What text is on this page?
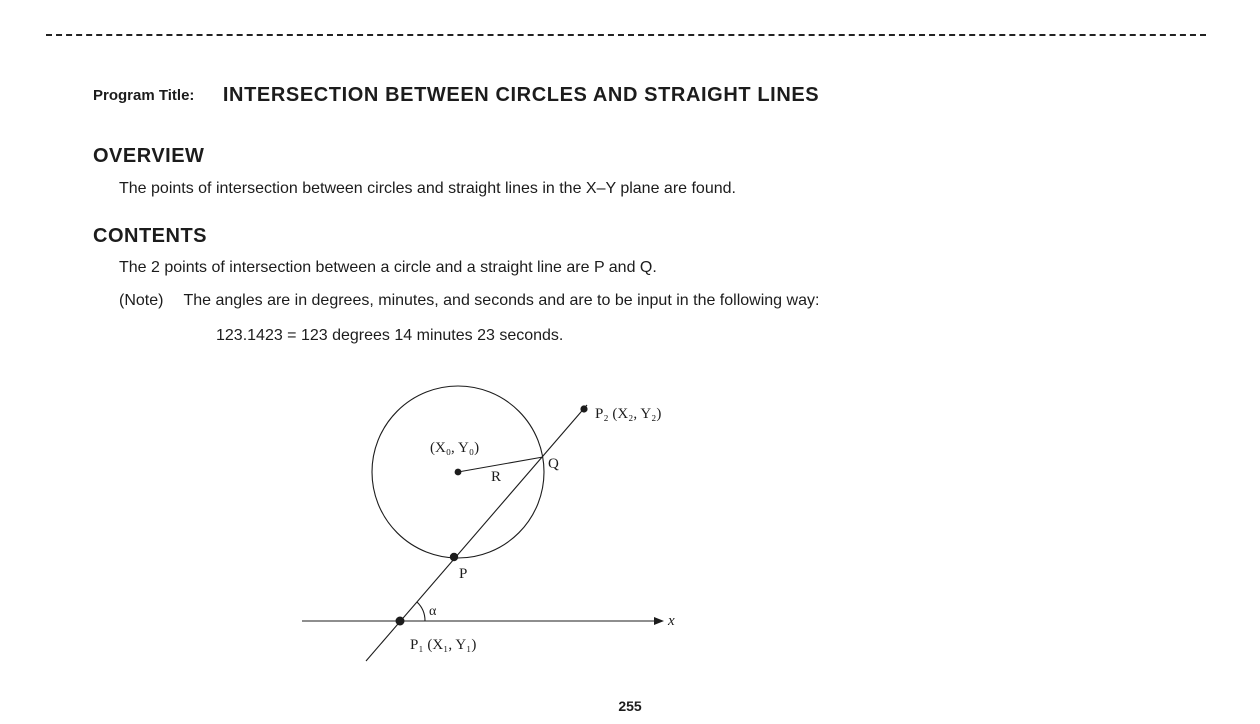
Program Title: INTERSECTION BETWEEN CIRCLES AND STRAIGHT LINES
OVERVIEW
The points of intersection between circles and straight lines in the X–Y plane are found.
CONTENTS
The 2 points of intersection between a circle and a straight line are P and Q.
(Note) The angles are in degrees, minutes, and seconds and are to be input in the following way:
123.1423 = 123 degrees 14 minutes 23 seconds.
(X₀, Y₀)
R
Q
P
P₁ (X₁, Y₁)
P₂ (X₂, Y₂)
α
x
255
